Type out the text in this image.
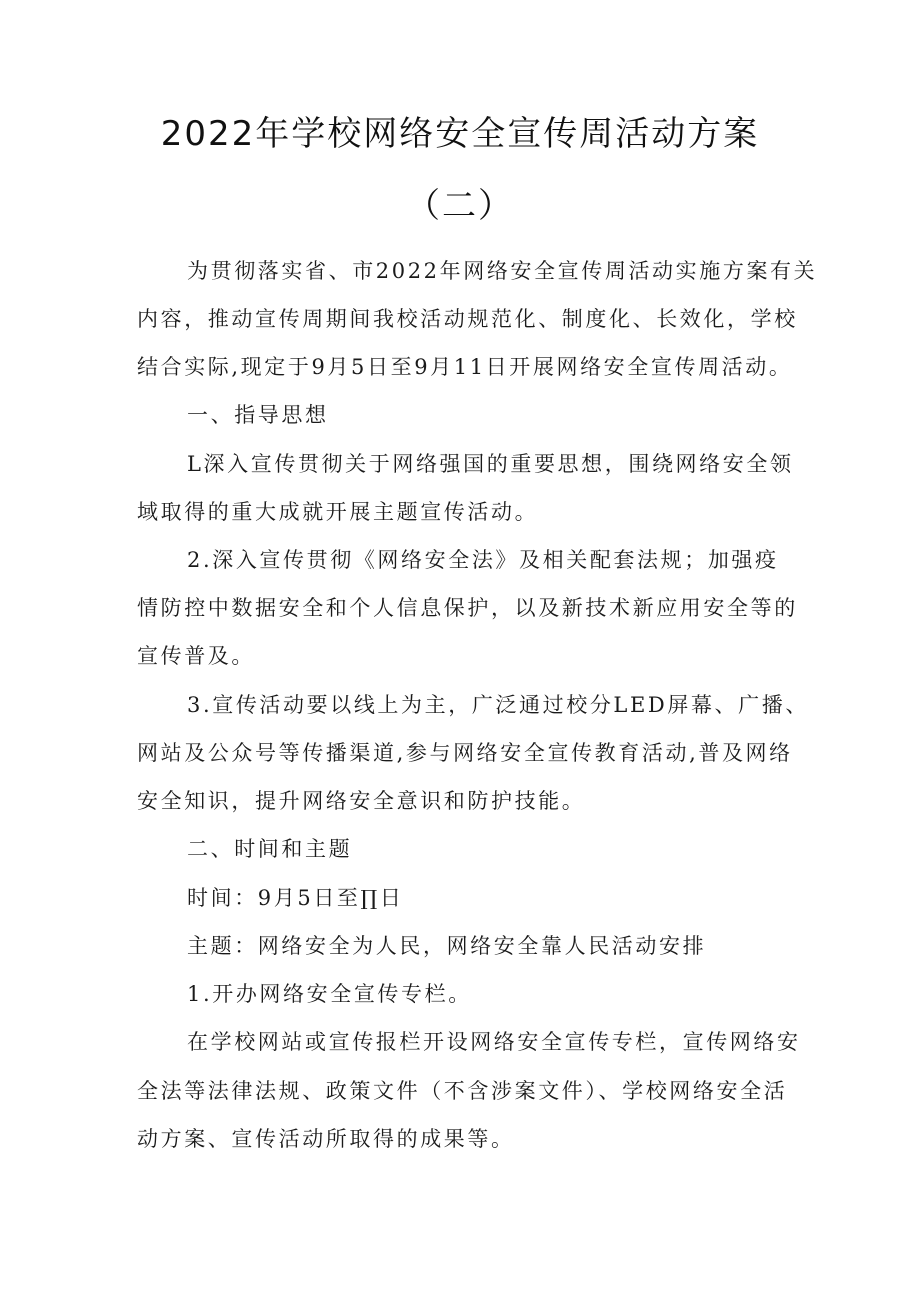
2022年学校网络安全宣传周活动方案
（二）

为贯彻落实省、市2022年网络安全宣传周活动实施方案有关

内容，推动宣传周期间我校活动规范化、制度化、长效化，学校

结合实际,现定于9月5日至9月11日开展网络安全宣传周活动。

一、指导思想

L深入宣传贯彻关于网络强国的重要思想，围绕网络安全领

域取得的重大成就开展主题宣传活动。

2.深入宣传贯彻《网络安全法》及相关配套法规；加强疫

情防控中数据安全和个人信息保护，以及新技术新应用安全等的

宣传普及。

3.宣传活动要以线上为主，广泛通过校分LED屏幕、广播、

网站及公众号等传播渠道,参与网络安全宣传教育活动,普及网络

安全知识，提升网络安全意识和防护技能。

二、时间和主题

时间：9月5日至∏日

主题：网络安全为人民，网络安全靠人民活动安排

1.开办网络安全宣传专栏。

在学校网站或宣传报栏开设网络安全宣传专栏，宣传网络安

全法等法律法规、政策文件（不含涉案文件）、学校网络安全活

动方案、宣传活动所取得的成果等。
